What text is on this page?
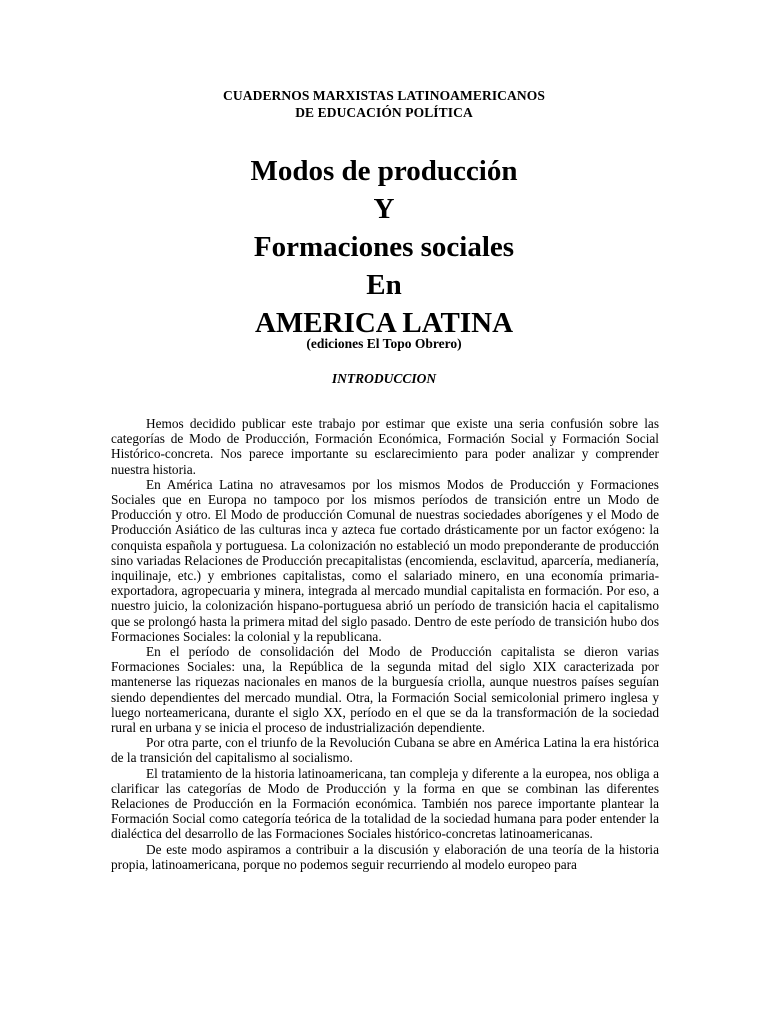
CUADERNOS MARXISTAS LATINOAMERICANOS
DE EDUCACIÓN POLÍTICA
Modos de producción
Y
Formaciones sociales
En
AMERICA LATINA
(ediciones El Topo Obrero)
INTRODUCCION

Hemos decidido publicar este trabajo por estimar que existe una seria confusión sobre las categorías de Modo de Producción, Formación Económica, Formación Social y Formación Social Histórico-concreta. Nos parece importante su esclarecimiento para poder analizar y comprender nuestra historia.

En América Latina no atravesamos por los mismos Modos de Producción y Formaciones Sociales que en Europa no tampoco por los mismos períodos de transición entre un Modo de Producción y otro. El Modo de producción Comunal de nuestras sociedades aborígenes y el Modo de Producción Asiático de las culturas inca y azteca fue cortado drásticamente por un factor exógeno: la conquista española y portuguesa. La colonización no estableció un modo preponderante de producción sino variadas Relaciones de Producción precapitalistas (encomienda, esclavitud, aparcería, medianería, inquilinaje, etc.) y embriones capitalistas, como el salariado minero, en una economía primaria-exportadora, agropecuaria y minera, integrada al mercado mundial capitalista en formación. Por eso, a nuestro juicio, la colonización hispano-portuguesa abrió un período de transición hacia el capitalismo que se prolongó hasta la primera mitad del siglo pasado. Dentro de este período de transición hubo dos Formaciones Sociales: la colonial y la republicana.

En el período de consolidación del Modo de Producción capitalista se dieron varias Formaciones Sociales: una, la República de la segunda mitad del siglo XIX caracterizada por mantenerse las riquezas nacionales en manos de la burguesía criolla, aunque nuestros países seguían siendo dependientes del mercado mundial. Otra, la Formación Social semicolonial primero inglesa y luego norteamericana, durante el siglo XX, período en el que se da la transformación de la sociedad rural en urbana y se inicia el proceso de industrialización dependiente.

Por otra parte, con el triunfo de la Revolución Cubana se abre en América Latina la era histórica de la transición del capitalismo al socialismo.

El tratamiento de la historia latinoamericana, tan compleja y diferente a la europea, nos obliga a clarificar las categorías de Modo de Producción y la forma en que se combinan las diferentes Relaciones de Producción en la Formación económica. También nos parece importante plantear la Formación Social como categoría teórica de la totalidad de la sociedad humana para poder entender la dialéctica del desarrollo de las Formaciones Sociales histórico-concretas latinoamericanas.

De este modo aspiramos a contribuir a la discusión y elaboración de una teoría de la historia propia, latinoamericana, porque no podemos seguir recurriendo al modelo europeo para
